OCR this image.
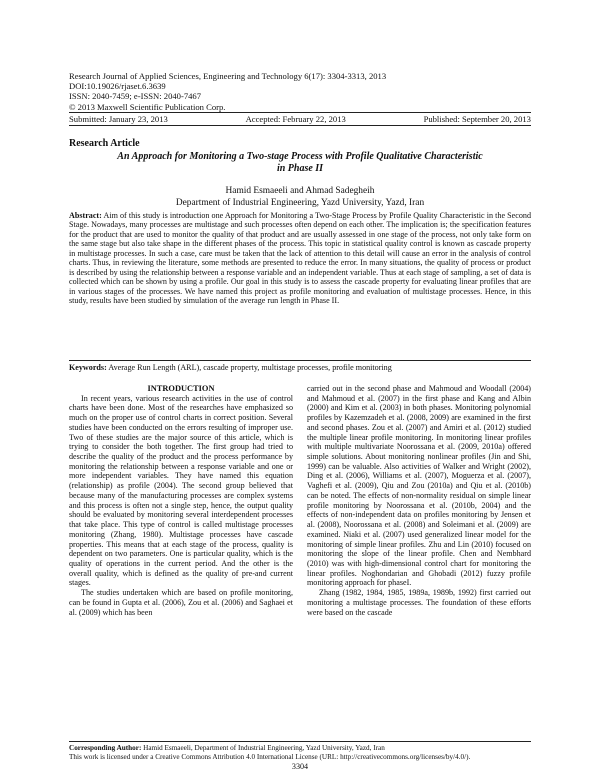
Research Journal of Applied Sciences, Engineering and Technology 6(17): 3304-3313, 2013
DOI:10.19026/rjaset.6.3639
ISSN: 2040-7459; e-ISSN: 2040-7467
© 2013 Maxwell Scientific Publication Corp.
Submitted: January 23, 2013	Accepted: February 22, 2013	Published: September 20, 2013
Research Article
An Approach for Monitoring a Two-stage Process with Profile Qualitative Characteristic
in Phase II
Hamid Esmaeeli and Ahmad Sadegheih
Department of Industrial Engineering, Yazd University, Yazd, Iran
Abstract: Aim of this study is introduction one Approach for Monitoring a Two-Stage Process by Profile Quality Characteristic in the Second Stage. Nowadays, many processes are multistage and such processes often depend on each other. The implication is; the specification features for the product that are used to monitor the quality of that product and are usually assessed in one stage of the process, not only take form on the same stage but also take shape in the different phases of the process. This topic in statistical quality control is known as cascade property in multistage processes. In such a case, care must be taken that the lack of attention to this detail will cause an error in the analysis of control charts. Thus, in reviewing the literature, some methods are presented to reduce the error. In many situations, the quality of process or product is described by using the relationship between a response variable and an independent variable. Thus at each stage of sampling, a set of data is collected which can be shown by using a profile. Our goal in this study is to assess the cascade property for evaluating linear profiles that are in various stages of the processes. We have named this project as profile monitoring and evaluation of multistage processes. Hence, in this study, results have been studied by simulation of the average run length in Phase II.
Keywords: Average Run Length (ARL), cascade property, multistage processes, profile monitoring

INTRODUCTION

In recent years, various research activities in the use of control charts have been done. Most of the researches have emphasized so much on the proper use of control charts in correct position. Several studies have been conducted on the errors resulting of improper use. Two of these studies are the major source of this article, which is trying to consider the both together. The first group had tried to describe the quality of the product and the process performance by monitoring the relationship between a response variable and one or more independent variables. They have named this equation (relationship) as profile (2004). The second group believed that because many of the manufacturing processes are complex systems and this process is often not a single step, hence, the output quality should be evaluated by monitoring several interdependent processes that take place. This type of control is called multistage processes monitoring (Zhang, 1980). Multistage processes have cascade properties. This means that at each stage of the process, quality is dependent on two parameters. One is particular quality, which is the quality of operations in the current period. And the other is the overall quality, which is defined as the quality of pre-and current stages.

The studies undertaken which are based on profile monitoring, can be found in Gupta et al. (2006), Zou et al. (2006) and Saghaei et al. (2009) which has been

carried out in the second phase and Mahmoud and Woodall (2004) and Mahmoud et al. (2007) in the first phase and Kang and Albin (2000) and Kim et al. (2003) in both phases. Monitoring polynomial profiles by Kazemzadeh et al. (2008, 2009) are examined in the first and second phases. Zou et al. (2007) and Amiri et al. (2012) studied the multiple linear profile monitoring. In monitoring linear profiles with multiple multivariate Noorossana et al. (2009, 2010a) offered simple solutions. About monitoring nonlinear profiles (Jin and Shi, 1999) can be valuable. Also activities of Walker and Wright (2002), Ding et al. (2006), Williams et al. (2007), Moguerza et al. (2007), Vaghefi et al. (2009), Qiu and Zou (2010a) and Qiu et al. (2010b) can be noted. The effects of non-normality residual on simple linear profile monitoring by Noorossana et al. (2010b, 2004) and the effects of non-independent data on profiles monitoring by Jensen et al. (2008), Noorossana et al. (2008) and Soleimani et al. (2009) are examined. Niaki et al. (2007) used generalized linear model for the monitoring of simple linear profiles. Zhu and Lin (2010) focused on monitoring the slope of the linear profile. Chen and Nembhard (2010) was with high-dimensional control chart for monitoring the linear profiles. Noghondarian and Ghobadi (2012) fuzzy profile monitoring approach for phaseI.

Zhang (1982, 1984, 1985, 1989a, 1989b, 1992) first carried out monitoring a multistage processes. The foundation of these efforts were based on the cascade

Corresponding Author: Hamid Esmaeeli, Department of Industrial Engineering, Yazd University, Yazd, Iran
This work is licensed under a Creative Commons Attribution 4.0 International License (URL: http://creativecommons.org/licenses/by/4.0/).
3304
